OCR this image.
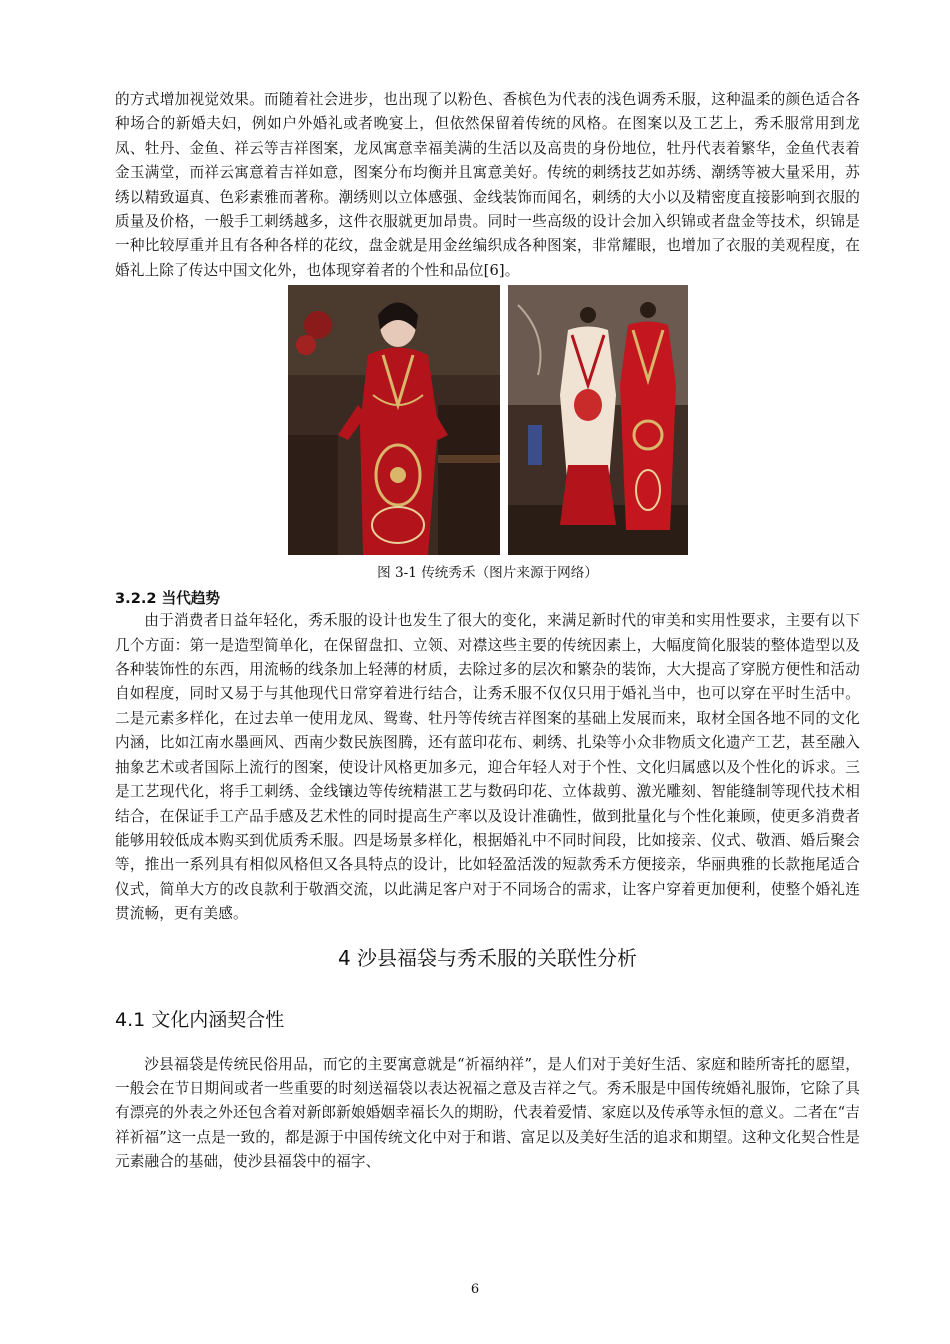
的方式增加视觉效果。而随着社会进步，也出现了以粉色、香槟色为代表的浅色调秀禾服，这种温柔的颜色适合各种场合的新婚夫妇，例如户外婚礼或者晚宴上，但依然保留着传统的风格。在图案以及工艺上，秀禾服常用到龙凤、牡丹、金鱼、祥云等吉祥图案，龙凤寓意幸福美满的生活以及高贵的身份地位，牡丹代表着繁华，金鱼代表着金玉满堂，而祥云寓意着吉祥如意，图案分布均衡并且寓意美好。传统的刺绣技艺如苏绣、潮绣等被大量采用，苏绣以精致逼真、色彩素雅而著称。潮绣则以立体感强、金线装饰而闻名，刺绣的大小以及精密度直接影响到衣服的质量及价格，一般手工刺绣越多，这件衣服就更加昂贵。同时一些高级的设计会加入织锦或者盘金等技术，织锦是一种比较厚重并且有各种各样的花纹，盘金就是用金丝编织成各种图案，非常耀眼，也增加了衣服的美观程度，在婚礼上除了传达中国文化外，也体现穿着者的个性和品位[6]。

图 3-1 传统秀禾（图片来源于网络）
3.2.2 当代趋势

由于消费者日益年轻化，秀禾服的设计也发生了很大的变化，来满足新时代的审美和实用性要求，主要有以下几个方面：第一是造型简单化，在保留盘扣、立领、对襟这些主要的传统因素上，大幅度简化服装的整体造型以及各种装饰性的东西，用流畅的线条加上轻薄的材质，去除过多的层次和繁杂的装饰，大大提高了穿脱方便性和活动自如程度，同时又易于与其他现代日常穿着进行结合，让秀禾服不仅仅只用于婚礼当中，也可以穿在平时生活中。二是元素多样化，在过去单一使用龙凤、鸳鸯、牡丹等传统吉祥图案的基础上发展而来，取材全国各地不同的文化内涵，比如江南水墨画风、西南少数民族图腾，还有蓝印花布、刺绣、扎染等小众非物质文化遗产工艺，甚至融入抽象艺术或者国际上流行的图案，使设计风格更加多元，迎合年轻人对于个性、文化归属感以及个性化的诉求。三是工艺现代化，将手工刺绣、金线镶边等传统精湛工艺与数码印花、立体裁剪、激光雕刻、智能缝制等现代技术相结合，在保证手工产品手感及艺术性的同时提高生产率以及设计准确性，做到批量化与个性化兼顾，使更多消费者能够用较低成本购买到优质秀禾服。四是场景多样化，根据婚礼中不同时间段，比如接亲、仪式、敬酒、婚后聚会等，推出一系列具有相似风格但又各具特点的设计，比如轻盈活泼的短款秀禾方便接亲，华丽典雅的长款拖尾适合仪式，简单大方的改良款利于敬酒交流，以此满足客户对于不同场合的需求，让客户穿着更加便利，使整个婚礼连贯流畅，更有美感。

4 沙县福袋与秀禾服的关联性分析
4.1 文化内涵契合性

沙县福袋是传统民俗用品，而它的主要寓意就是“祈福纳祥”，是人们对于美好生活、家庭和睦所寄托的愿望，一般会在节日期间或者一些重要的时刻送福袋以表达祝福之意及吉祥之气。秀禾服是中国传统婚礼服饰，它除了具有漂亮的外表之外还包含着对新郎新娘婚姻幸福长久的期盼，代表着爱情、家庭以及传承等永恒的意义。二者在“吉祥祈福”这一点是一致的，都是源于中国传统文化中对于和谐、富足以及美好生活的追求和期望。这种文化契合性是元素融合的基础，使沙县福袋中的福字、

6
